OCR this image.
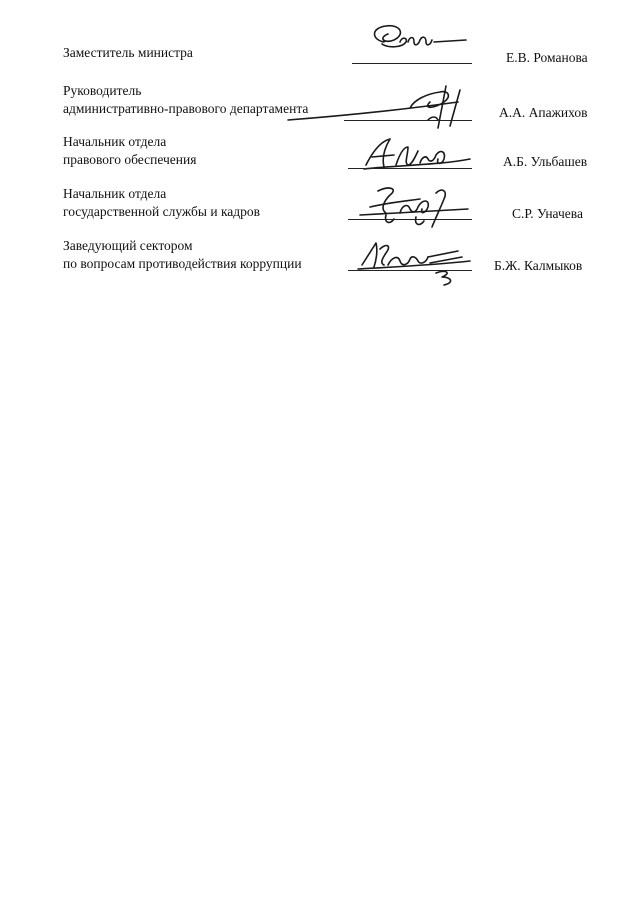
Заместитель министра	Е.В. Романова
Руководитель
административно-правового департамента	А.А. Апажихов
Начальник отдела
правового обеспечения	А.Б. Ульбашев
Начальник отдела
государственной службы и кадров	С.Р. Уначева
Заведующий сектором
по вопросам противодействия коррупции	Б.Ж. Калмыков
